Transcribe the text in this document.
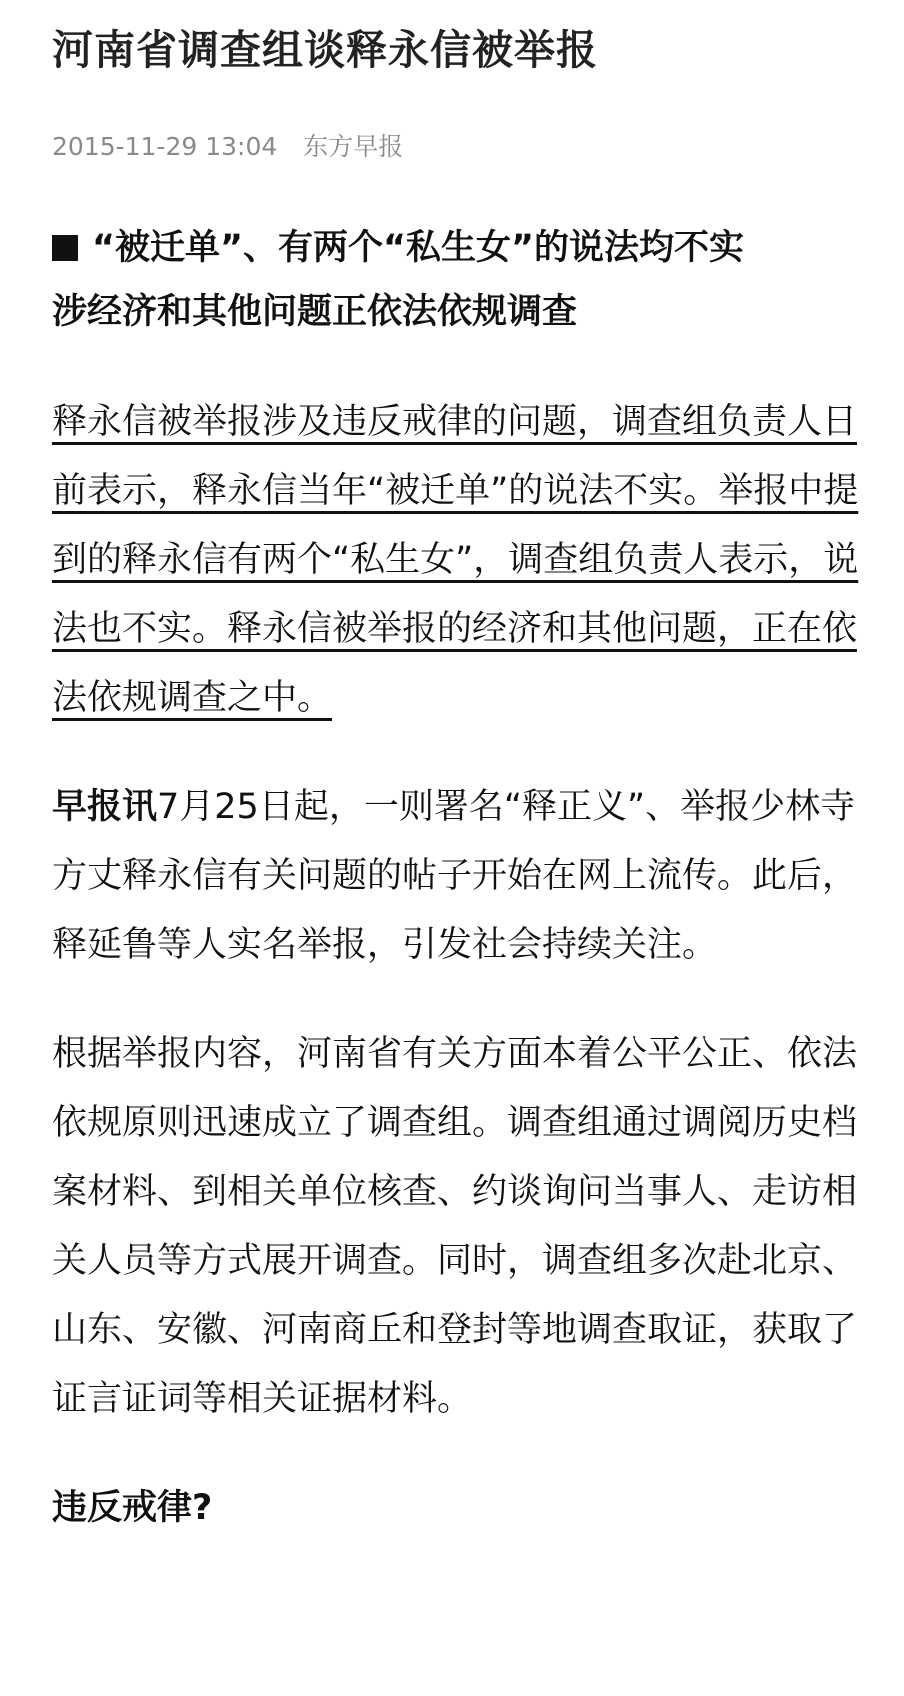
河南省调查组谈释永信被举报
2015-11-29 13:04 东方早报
“被迁单”、有两个“私生女”的说法均不实
涉经济和其他问题正依法依规调查

释永信被举报涉及违反戒律的问题，调查组负责人日前表示，释永信当年“被迁单”的说法不实。举报中提到的释永信有两个“私生女”，调查组负责人表示，说法也不实。释永信被举报的经济和其他问题，正在依法依规调查之中。

早报讯7月25日起，一则署名“释正义”、举报少林寺方丈释永信有关问题的帖子开始在网上流传。此后，释延鲁等人实名举报，引发社会持续关注。

根据举报内容，河南省有关方面本着公平公正、依法依规原则迅速成立了调查组。调查组通过调阅历史档案材料、到相关单位核查、约谈询问当事人、走访相关人员等方式展开调查。同时，调查组多次赴北京、山东、安徽、河南商丘和登封等地调查取证，获取了证言证词等相关证据材料。

违反戒律?
